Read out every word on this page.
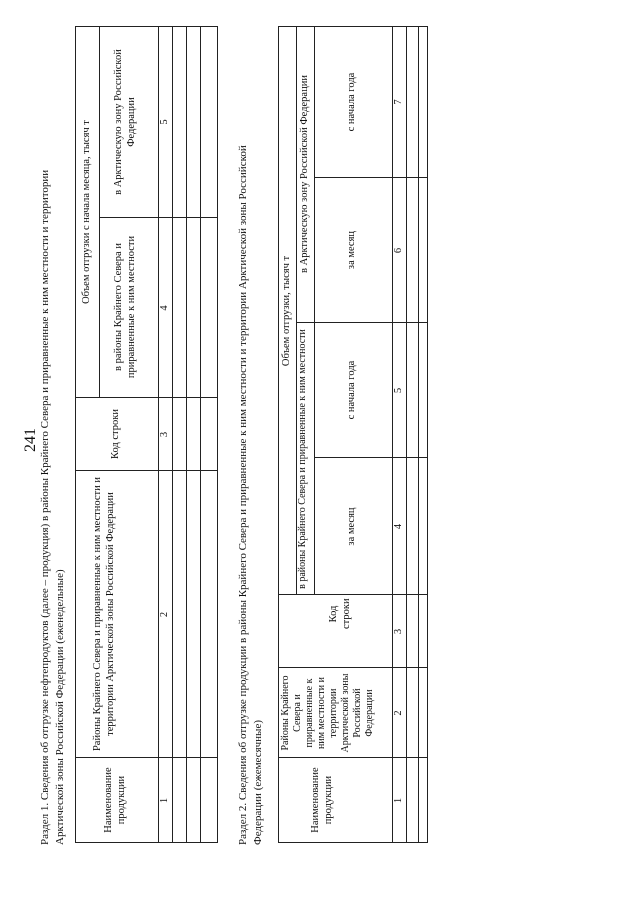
241 Раздел 1. Сведения об отгрузке нефтепродуктов (далее – продукция) в районы Крайнего Севера и приравненные к ним местности и территории Арктической зоны Российской Федерации (еженедельные)	Наименование продукции
Районы Крайнего Севера и приравненные к ним местности и территории Арктической зоны Российской Федерации
Код строки
Объем отгрузки с начала месяца, тысяч т
в районы Крайнего Севера и приравненные к ним местности
в Арктическую зону Российской Федерации
1
2
3
4
5
Раздел 2. Сведения об отгрузке продукции в районы Крайнего Севера и приравненные к ним местности и территории Арктической зоны Российской Федерации (ежемесячные)	Наименование продукции
Районы Крайнего Севера и приравненные к ним местности и территории Арктической зоны Российской Федерации
Код строки
Объем отгрузки, тысяч т
в районы Крайнего Севера и приравненные к ним местности
в Арктическую зону Российской Федерации
за месяц
с начала года
за месяц
с начала года
1
2
3
4
5
6
7
